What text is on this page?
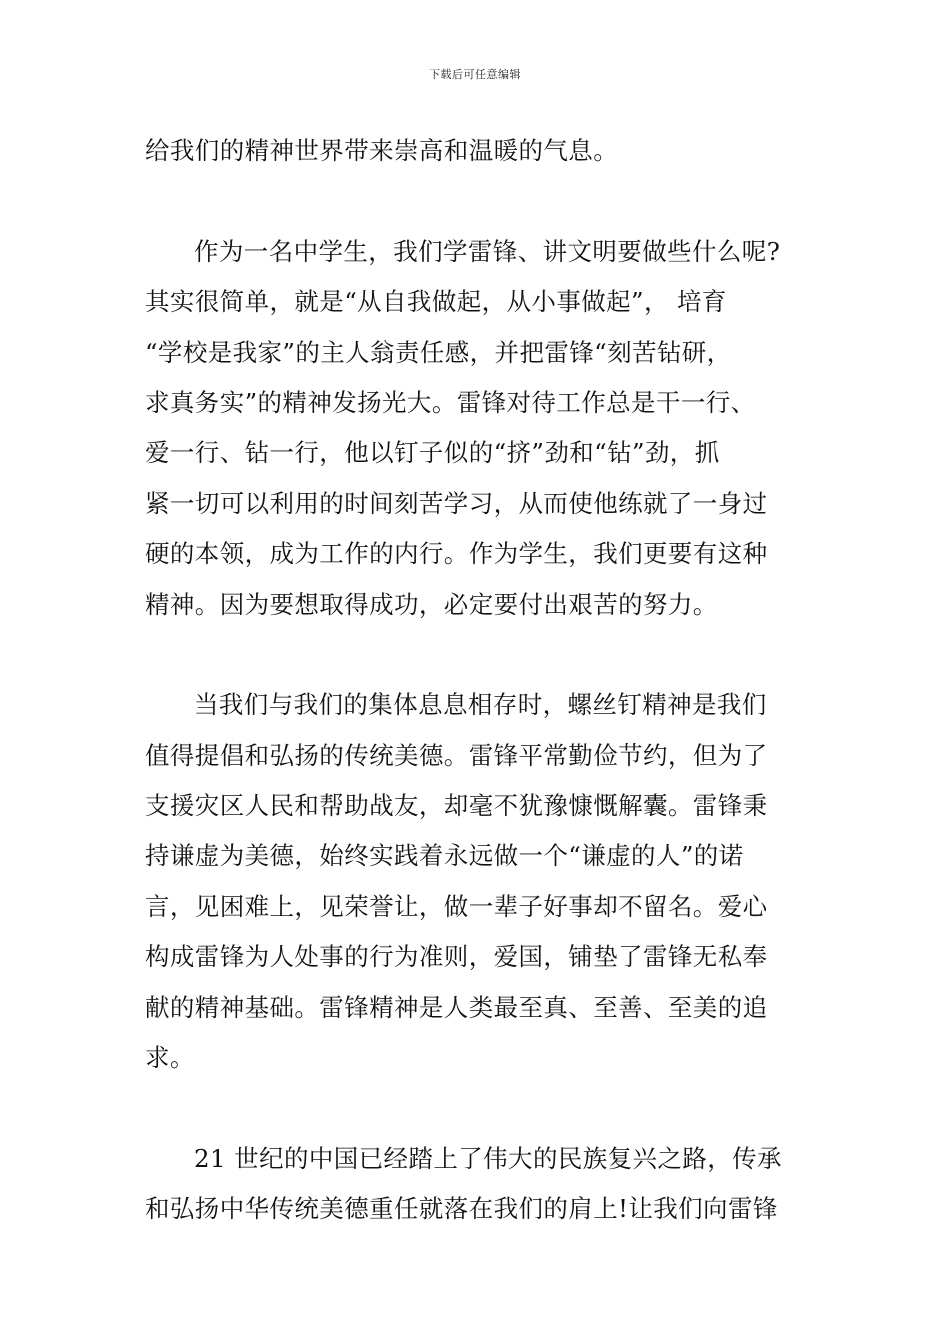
下载后可任意编辑
给我们的精神世界带来崇高和温暖的气息。
作为一名中学生，我们学雷锋、讲文明要做些什么呢?
其实很简单，就是“从自我做起，从小事做起”， 培育
“学校是我家”的主人翁责任感，并把雷锋“刻苦钻研，
求真务实”的精神发扬光大。雷锋对待工作总是干一行、
爱一行、钻一行，他以钉子似的“挤”劲和“钻”劲，抓
紧一切可以利用的时间刻苦学习，从而使他练就了一身过
硬的本领，成为工作的内行。作为学生，我们更要有这种
精神。因为要想取得成功，必定要付出艰苦的努力。
当我们与我们的集体息息相存时，螺丝钉精神是我们
值得提倡和弘扬的传统美德。雷锋平常勤俭节约，但为了
支援灾区人民和帮助战友，却毫不犹豫慷慨解囊。雷锋秉
持谦虚为美德，始终实践着永远做一个“谦虚的人”的诺
言，见困难上，见荣誉让，做一辈子好事却不留名。爱心
构成雷锋为人处事的行为准则，爱国，铺垫了雷锋无私奉
献的精神基础。雷锋精神是人类最至真、至善、至美的追
求。
21 世纪的中国已经踏上了伟大的民族复兴之路，传承
和弘扬中华传统美德重任就落在我们的肩上!让我们向雷锋
